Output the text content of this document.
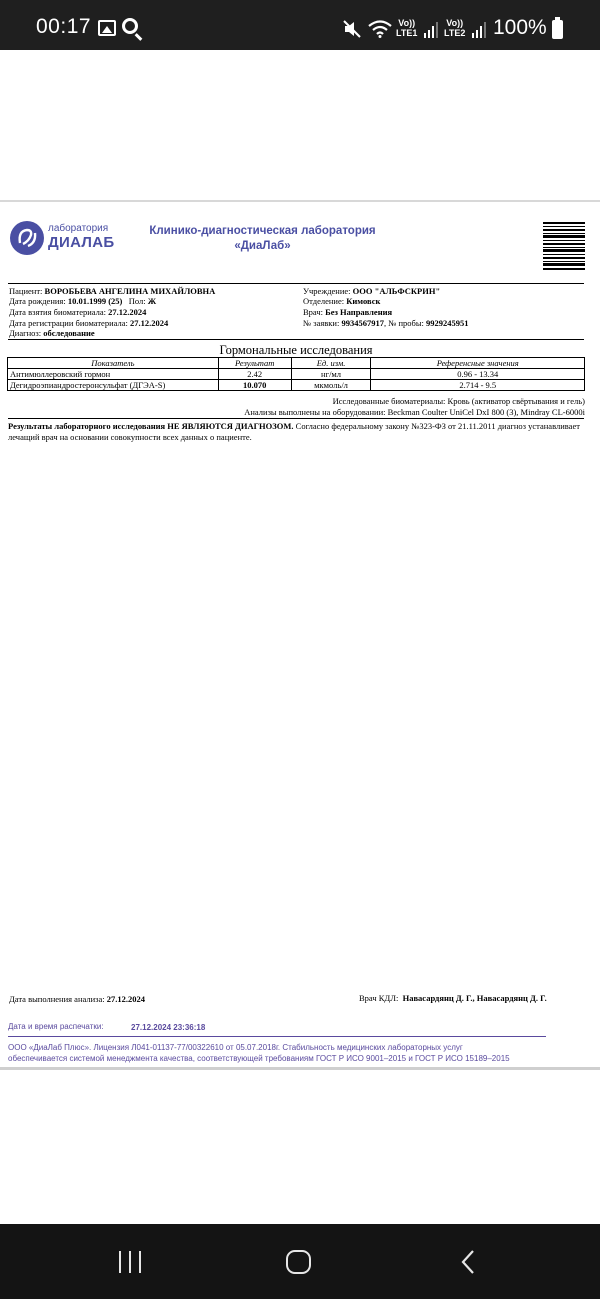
00:17	Vo))
LTE1
Vo))
LTE2 100%
лаборатория
ДИАЛАБ
Клинико-диагностическая лаборатория
«ДиаЛаб»
Пациент: ВОРОБЬЕВА АНГЕЛИНА МИХАЙЛОВНА
Дата рождения: 10.01.1999 (25) Пол: Ж
Дата взятия биоматериала: 27.12.2024
Дата регистрации биоматериала: 27.12.2024
Диагноз: обследование
Учреждение: ООО "АЛЬФСКРИН"
Отделение: Кимовск
Врач: Без Направления
№ заявки: 9934567917, № пробы: 9929245951
Гормональные исследования
Показатель	Результат	Ед. изм.	Референсные значения
Антимюллеровский гормон	2.42	нг/мл	0.96 - 13.34
Дегидроэпиандростеронсульфат (ДГЭА-S)	10.070	мкмоль/л	2.714 - 9.5
Исследованные биоматериалы: Кровь (активатор свёртывания и гель)
Анализы выполнены на оборудовании: Beckman Coulter UniCel DxI 800 (3), Mindray CL-6000i
Результаты лабораторного исследования НЕ ЯВЛЯЮТСЯ ДИАГНОЗОМ. Согласно федеральному закону №323-ФЗ от 21.11.2011 диагноз устанавливает лечащий врач на основании совокупности всех данных о пациенте.
Дата выполнения анализа: 27.12.2024	Врач КДЛ: Навасардянц Д. Г., Навасардянц Д. Г.
Дата и время распечатки:	27.12.2024 23:36:18
ООО «ДиаЛаб Плюс». Лицензия Л041-01137-77/00322610 от 05.07.2018г. Стабильность медицинских лабораторных услуг
обеспечивается системой менеджмента качества, соответствующей требованиям ГОСТ Р ИСО 9001–2015 и ГОСТ Р ИСО 15189–2015
